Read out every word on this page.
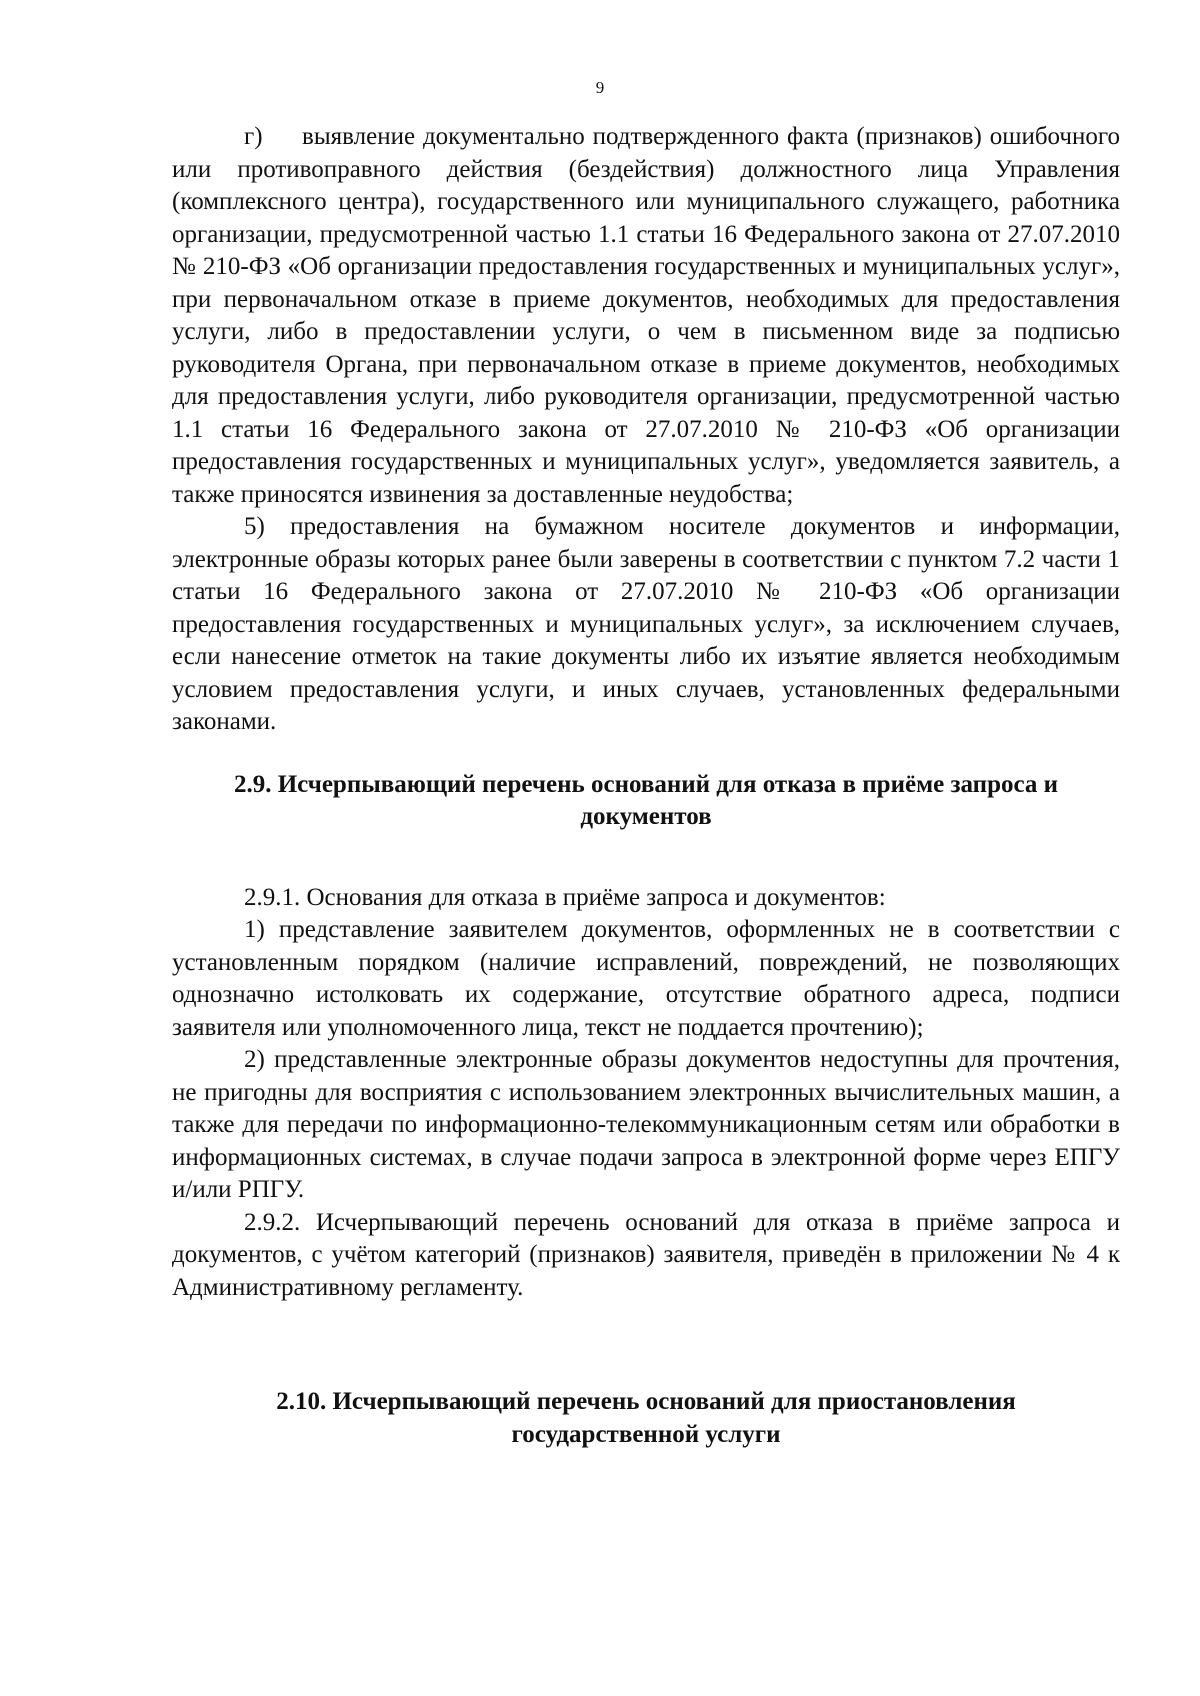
9

г)     выявление документально подтвержденного факта (признаков) ошибочного или противоправного действия (бездействия) должностного лица Управления (комплексного центра), государственного или муниципального служащего, работника организации, предусмотренной частью 1.1 статьи 16 Федерального закона от 27.07.2010 № 210-ФЗ «Об организации предоставления государственных и муниципальных услуг», при первоначальном отказе в приеме документов, необходимых для предоставления услуги, либо в предоставлении услуги, о чем в письменном виде за подписью руководителя Органа, при первоначальном отказе в приеме документов, необходимых для предоставления услуги, либо руководителя организации, предусмотренной частью 1.1 статьи 16 Федерального закона от 27.07.2010 № 210-ФЗ «Об организации предоставления государственных и муниципальных услуг», уведомляется заявитель, а также приносятся извинения за доставленные неудобства;

5) предоставления на бумажном носителе документов и информации, электронные образы которых ранее были заверены в соответствии с пунктом 7.2 части 1 статьи 16 Федерального закона от 27.07.2010 № 210-ФЗ «Об организации предоставления государственных и муниципальных услуг», за исключением случаев, если нанесение отметок на такие документы либо их изъятие является необходимым условием предоставления услуги, и иных случаев, установленных федеральными законами.

2.9. Исчерпывающий перечень оснований для отказа в приёме запроса и документов

2.9.1. Основания для отказа в приёме запроса и документов:

1) представление заявителем документов, оформленных не в соответствии с установленным порядком (наличие исправлений, повреждений, не позволяющих однозначно истолковать их содержание, отсутствие обратного адреса, подписи заявителя или уполномоченного лица, текст не поддается прочтению);

2) представленные электронные образы документов недоступны для прочтения, не пригодны для восприятия с использованием электронных вычислительных машин, а также для передачи по информационно-телекоммуникационным сетям или обработки в информационных системах, в случае подачи запроса в электронной форме через ЕПГУ и/или РПГУ.

2.9.2. Исчерпывающий перечень оснований для отказа в приёме запроса и документов, с учётом категорий (признаков) заявителя, приведён в приложении № 4 к Административному регламенту.

2.10. Исчерпывающий перечень оснований для приостановления государственной услуги
